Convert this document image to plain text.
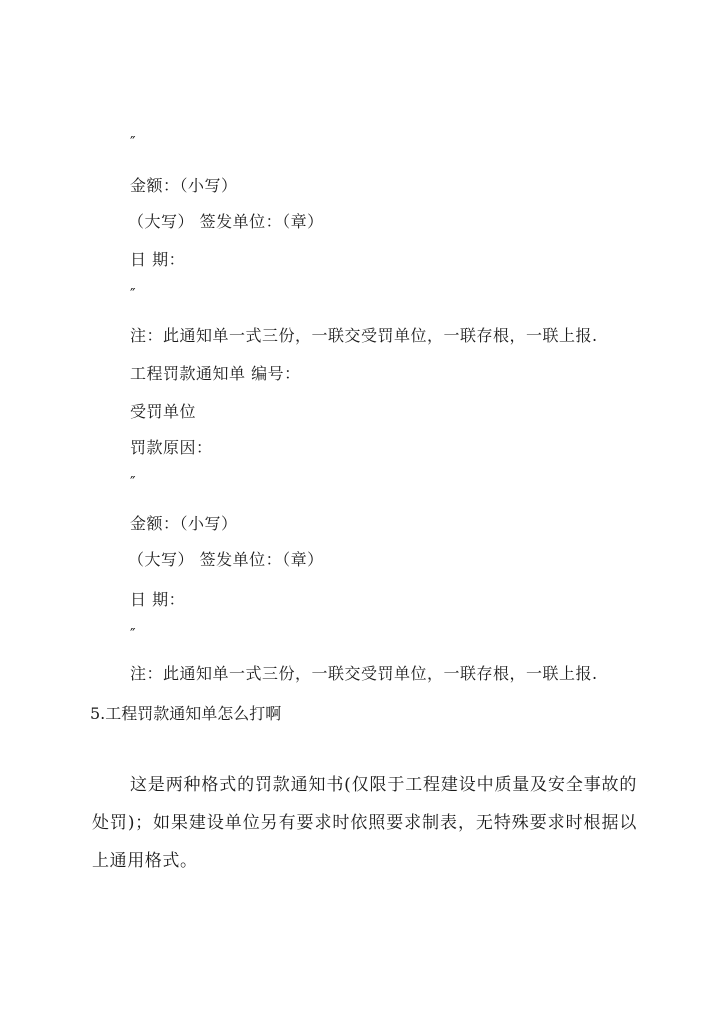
″
金额：（小写）
（大写） 签发单位：（章）
日 期：
″
注：此通知单一式三份，一联交受罚单位，一联存根，一联上报.
工程罚款通知单 编号：
受罚单位
罚款原因：
″
金额：（小写）
（大写） 签发单位：（章）
日 期：
″
注：此通知单一式三份，一联交受罚单位，一联存根，一联上报.
5.工程罚款通知单怎么打啊
这是两种格式的罚款通知书(仅限于工程建设中质量及安全事故的处罚)；如果建设单位另有要求时依照要求制表，无特殊要求时根据以上通用格式。
